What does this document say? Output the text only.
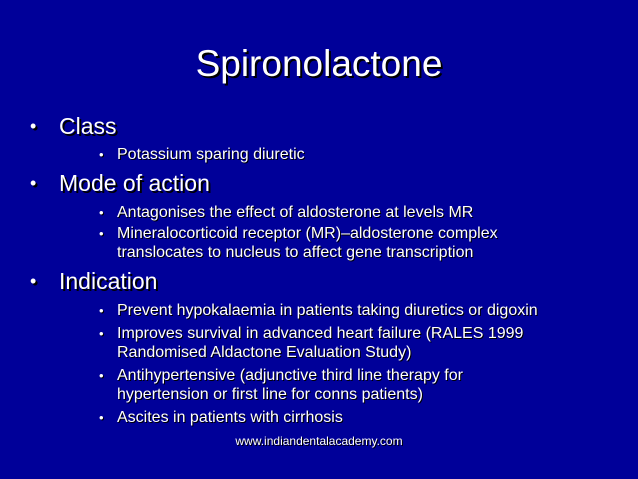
Spironolactone
• Class
• Potassium sparing diuretic
• Mode of action
• Antagonises the effect of aldosterone at levels MR
• Mineralocorticoid receptor (MR)–aldosterone complex translocates to nucleus to affect gene transcription
• Indication
• Prevent hypokalaemia in patients taking diuretics or digoxin
• Improves survival in advanced heart failure (RALES 1999 Randomised Aldactone Evaluation Study)
• Antihypertensive (adjunctive third line therapy for hypertension or first line for conns patients)
• Ascites in patients with cirrhosis
www.indiandentalacademy.com
